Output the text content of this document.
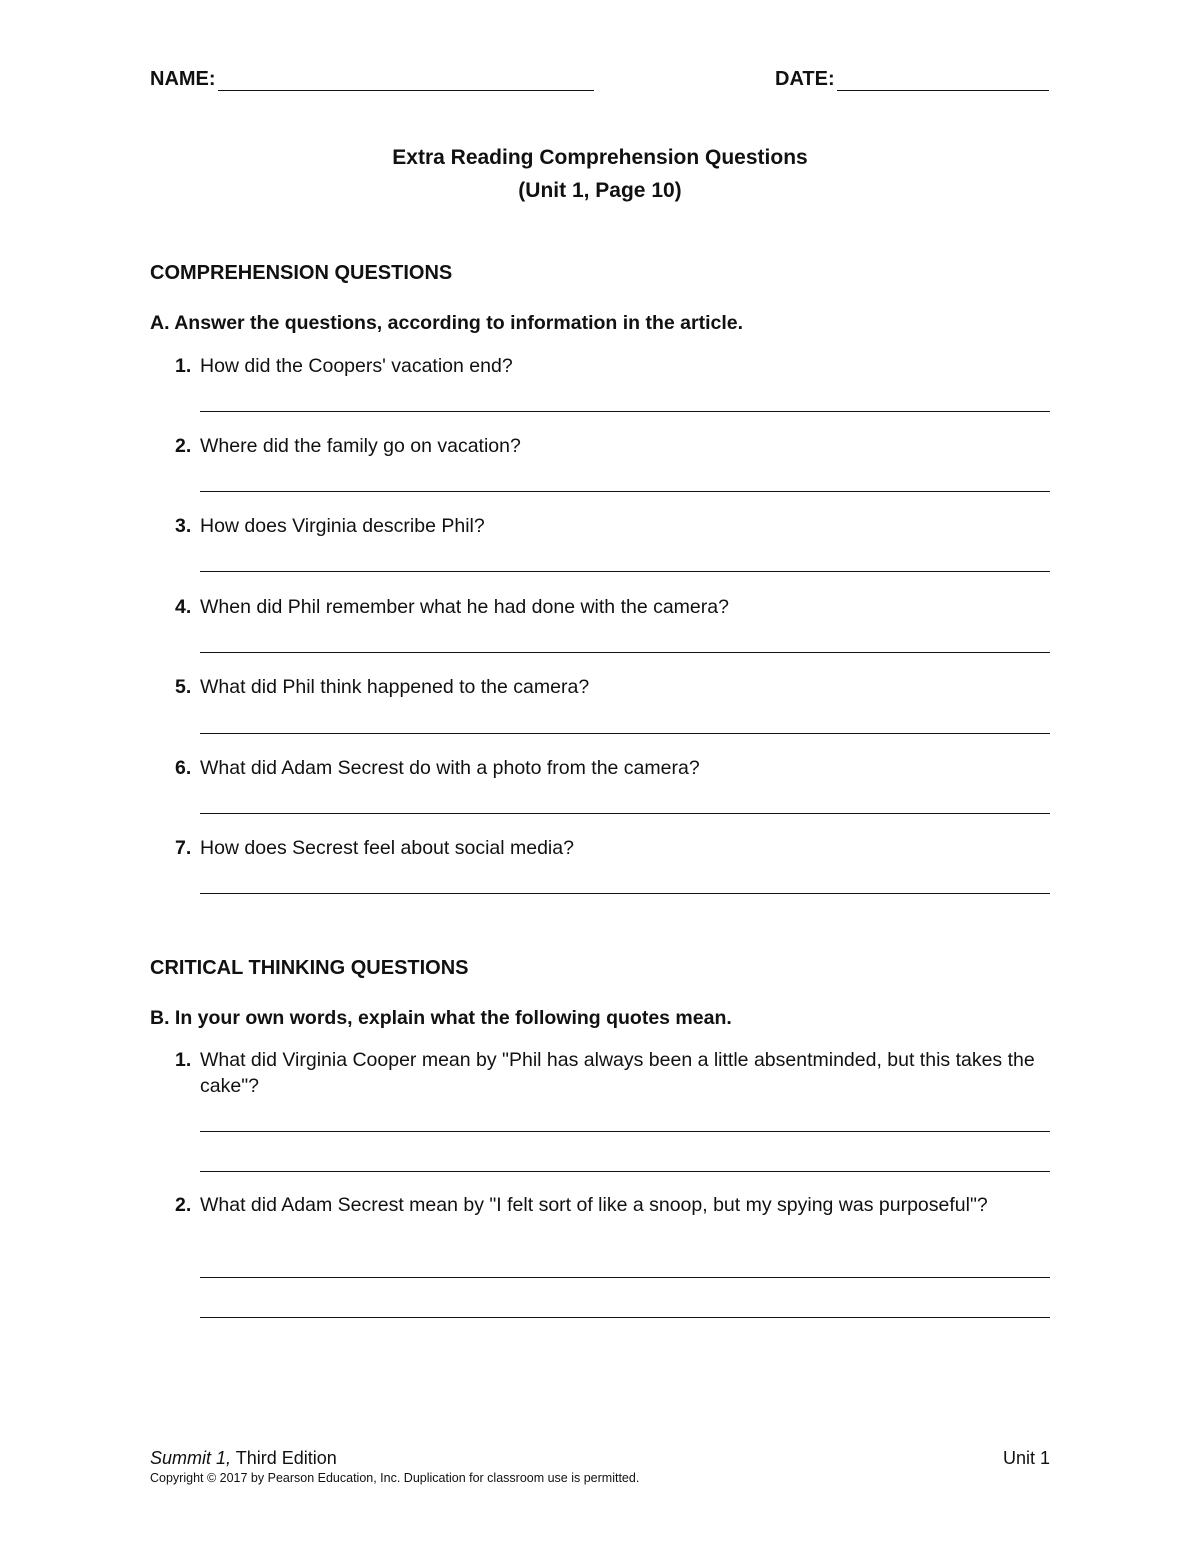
NAME:	DATE:
Extra Reading Comprehension Questions
(Unit 1, Page 10)
COMPREHENSION QUESTIONS
A. Answer the questions, according to information in the article.
1. How did the Coopers' vacation end?
2. Where did the family go on vacation?
3. How does Virginia describe Phil?
4. When did Phil remember what he had done with the camera?
5. What did Phil think happened to the camera?
6. What did Adam Secrest do with a photo from the camera?
7. How does Secrest feel about social media?
CRITICAL THINKING QUESTIONS
B. In your own words, explain what the following quotes mean.
1. What did Virginia Cooper mean by "Phil has always been a little absentminded, but this takes the cake"?
2. What did Adam Secrest mean by "I felt sort of like a snoop, but my spying was purposeful"?
Summit 1, Third Edition	Unit 1
Copyright © 2017 by Pearson Education, Inc. Duplication for classroom use is permitted.
